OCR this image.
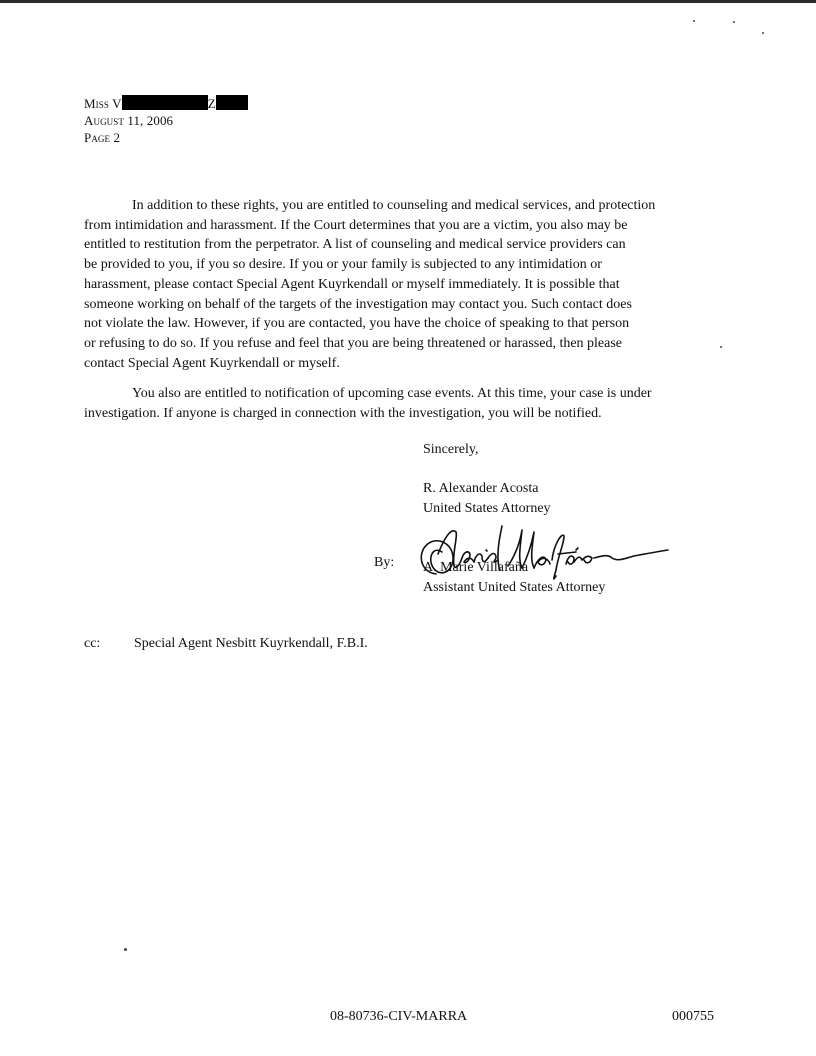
Miss V	Z
August 11, 2006
Page 2
In addition to these rights, you are entitled to counseling and medical services, and protection
from intimidation and harassment. If the Court determines that you are a victim, you also may be
entitled to restitution from the perpetrator. A list of counseling and medical service providers can
be provided to you, if you so desire. If you or your family is subjected to any intimidation or
harassment, please contact Special Agent Kuyrkendall or myself immediately. It is possible that
someone working on behalf of the targets of the investigation may contact you. Such contact does
not violate the law. However, if you are contacted, you have the choice of speaking to that person
or refusing to do so. If you refuse and feel that you are being threatened or harassed, then please
contact Special Agent Kuyrkendall or myself.
You also are entitled to notification of upcoming case events. At this time, your case is under
investigation. If anyone is charged in connection with the investigation, you will be notified.
Sincerely,
R. Alexander Acosta
United States Attorney
By: A. Marie Villafaña
Assistant United States Attorney
cc: Special Agent Nesbitt Kuyrkendall, F.B.I.
08-80736-CIV-MARRA	000755
